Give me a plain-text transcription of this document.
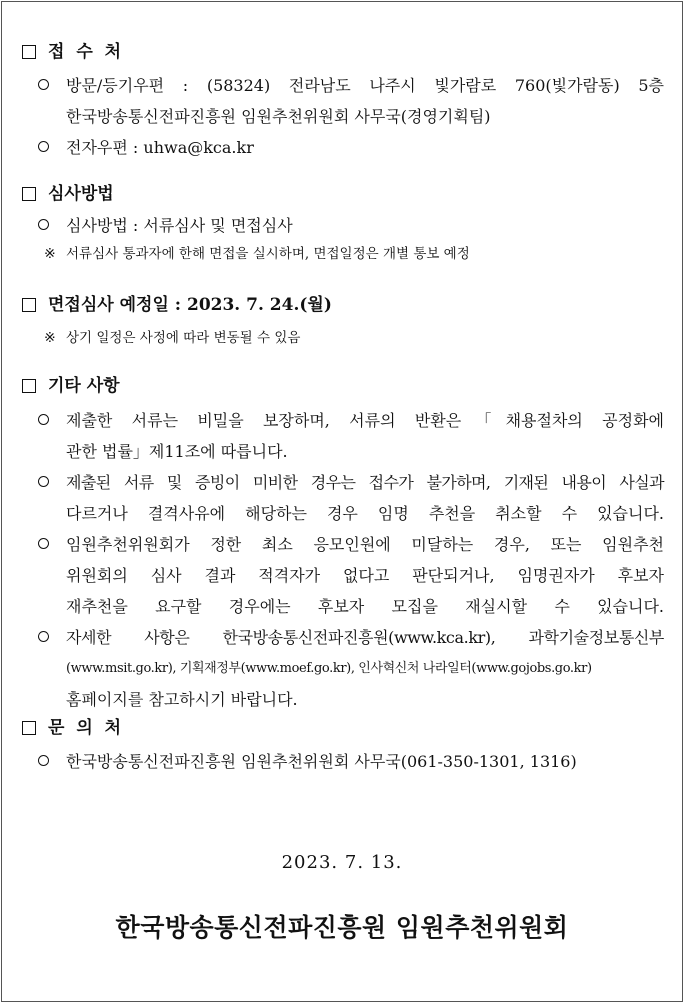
접 수 처
방문/등기우편 : (58324) 전라남도 나주시 빛가람로 760(빛가람동) 5층
한국방송통신전파진흥원 임원추천위원회 사무국(경영기획팀)
전자우편 : uhwa@kca.kr
심사방법
심사방법 : 서류심사 및 면접심사
※ 서류심사 통과자에 한해 면접을 실시하며, 면접일정은 개별 통보 예정
면접심사 예정일 : 2023. 7. 24.(월)
※ 상기 일정은 사정에 따라 변동될 수 있음
기타 사항
제출한 서류는 비밀을 보장하며, 서류의 반환은「채용절차의 공정화에
관한 법률」제11조에 따릅니다.
제출된 서류 및 증빙이 미비한 경우는 접수가 불가하며, 기재된 내용이 사실과
다르거나 결격사유에 해당하는 경우 임명 추천을 취소할 수 있습니다.
임원추천위원회가 정한 최소 응모인원에 미달하는 경우, 또는 임원추천
위원회의 심사 결과 적격자가 없다고 판단되거나, 임명권자가 후보자
재추천을 요구할 경우에는 후보자 모집을 재실시할 수 있습니다.
자세한 사항은 한국방송통신전파진흥원(www.kca.kr), 과학기술정보통신부
(www.msit.go.kr), 기획재정부(www.moef.go.kr), 인사혁신처 나라일터(www.gojobs.go.kr)
홈페이지를 참고하시기 바랍니다.
문 의 처
한국방송통신전파진흥원 임원추천위원회 사무국(061-350-1301, 1316)
2023. 7. 13.
한국방송통신전파진흥원 임원추천위원회
